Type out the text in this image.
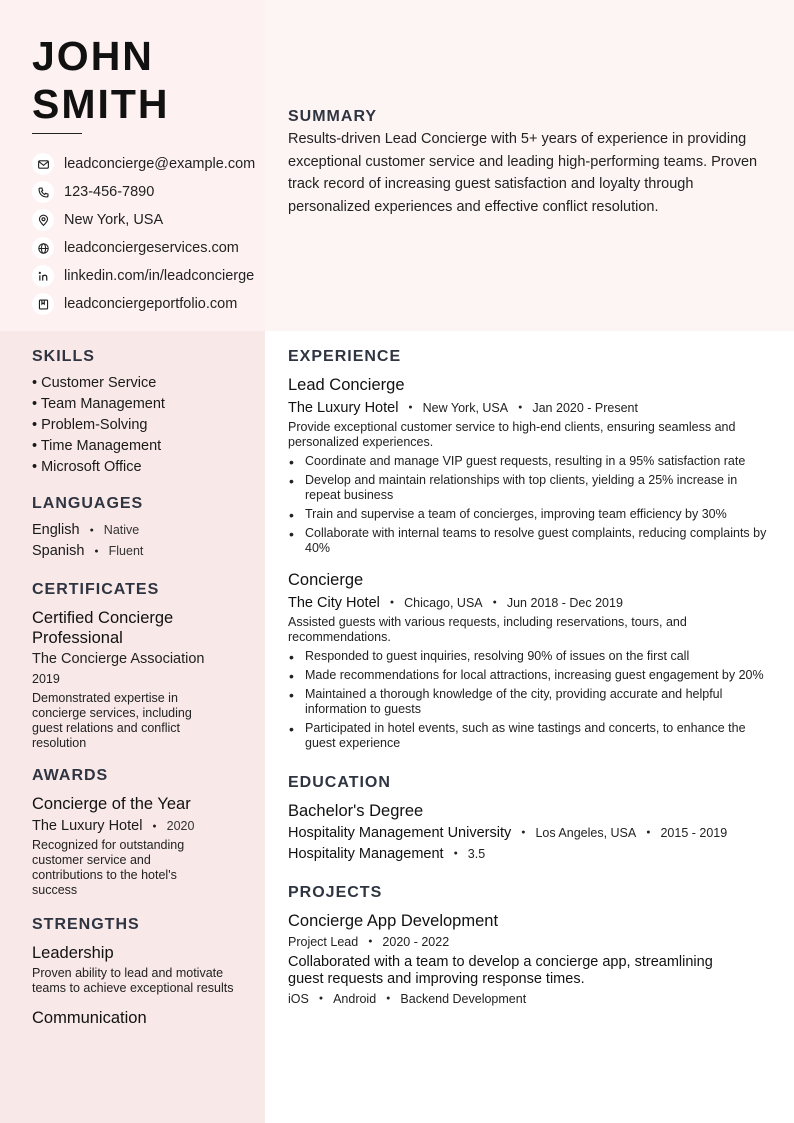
JOHN
SMITH
leadconcierge@example.com
123-456-7890
New York, USA
leadconciergeservices.com
linkedin.com/in/leadconcierge
leadconciergeportfolio.com
SUMMARY
Results-driven Lead Concierge with 5+ years of experience in providing exceptional customer service and leading high-performing teams. Proven track record of increasing guest satisfaction and loyalty through personalized experiences and effective conflict resolution.
SKILLS
• Customer Service
• Team Management
• Problem-Solving
• Time Management
• Microsoft Office
LANGUAGES
English ● Native
Spanish ● Fluent
CERTIFICATES
Certified Concierge Professional
The Concierge Association
2019
Demonstrated expertise in concierge services, including guest relations and conflict resolution
AWARDS
Concierge of the Year
The Luxury Hotel ● 2020
Recognized for outstanding customer service and contributions to the hotel's success
STRENGTHS
Leadership
Proven ability to lead and motivate teams to achieve exceptional results
Communication
EXPERIENCE
Lead Concierge
The Luxury Hotel ● New York, USA ● Jan 2020 - Present
Provide exceptional customer service to high-end clients, ensuring seamless and personalized experiences.
• Coordinate and manage VIP guest requests, resulting in a 95% satisfaction rate
• Develop and maintain relationships with top clients, yielding a 25% increase in repeat business
• Train and supervise a team of concierges, improving team efficiency by 30%
• Collaborate with internal teams to resolve guest complaints, reducing complaints by 40%
Concierge
The City Hotel ● Chicago, USA ● Jun 2018 - Dec 2019
Assisted guests with various requests, including reservations, tours, and recommendations.
• Responded to guest inquiries, resolving 90% of issues on the first call
• Made recommendations for local attractions, increasing guest engagement by 20%
• Maintained a thorough knowledge of the city, providing accurate and helpful information to guests
• Participated in hotel events, such as wine tastings and concerts, to enhance the guest experience
EDUCATION
Bachelor's Degree
Hospitality Management University ● Los Angeles, USA ● 2015 - 2019
Hospitality Management ● 3.5
PROJECTS
Concierge App Development
Project Lead ● 2020 - 2022
Collaborated with a team to develop a concierge app, streamlining guest requests and improving response times.
iOS ● Android ● Backend Development
